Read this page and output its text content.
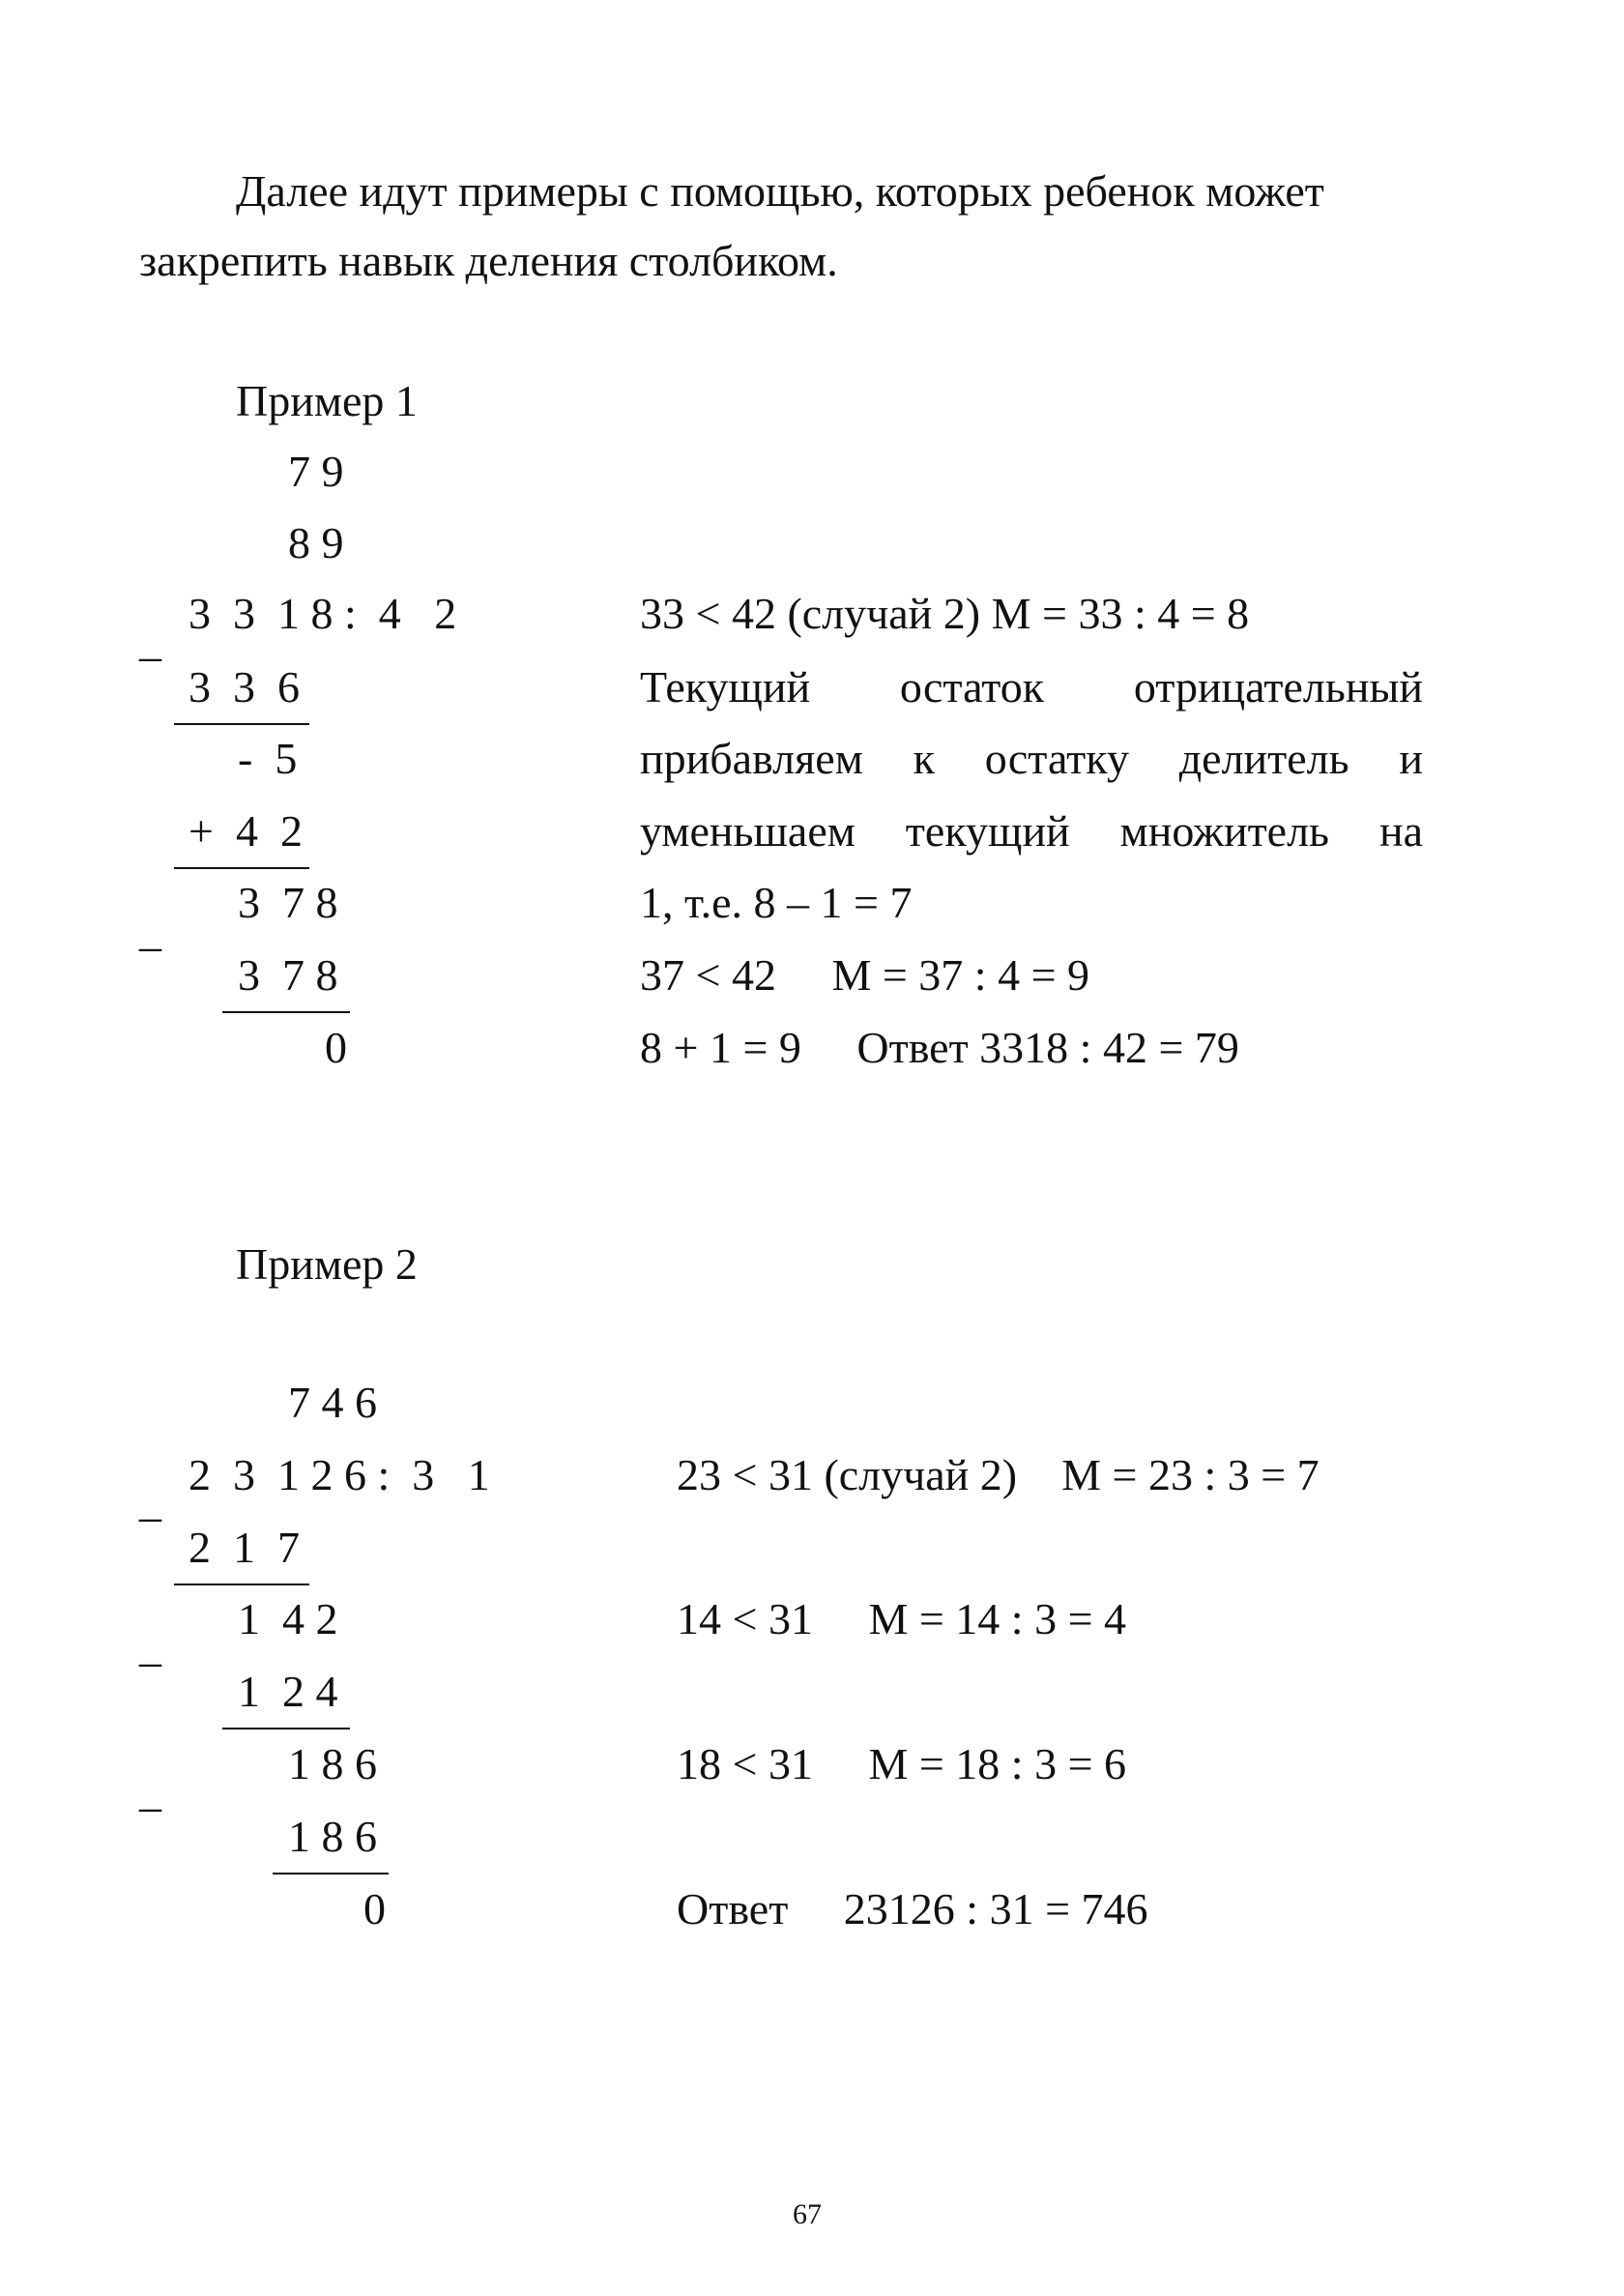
Далее идут примеры с помощью, которых ребенок может
закрепить навык деления столбиком.
Пример 1
7 9
8 9
3  3  1 8 :  4   2
_
3  3  6
-  5
+  4  2
3  7 8
_
3  7 8
0
33 < 42 (случай 2) М = 33 : 4 = 8
Текущий остаток отрицательный
прибавляем к остатку делитель и
уменьшаем текущий множитель на
1, т.е. 8 – 1 = 7
37 < 42     М = 37 : 4 = 9
8 + 1 = 9     Ответ 3318 : 42 = 79
Пример 2
7 4 6
2  3  1 2 6 :  3   1
_
2  1  7
1  4 2
_
1  2 4
1 8 6
_
1 8 6
0
23 < 31 (случай 2)    М = 23 : 3 = 7
14 < 31     М = 14 : 3 = 4
18 < 31     М = 18 : 3 = 6
Ответ     23126 : 31 = 746
67
